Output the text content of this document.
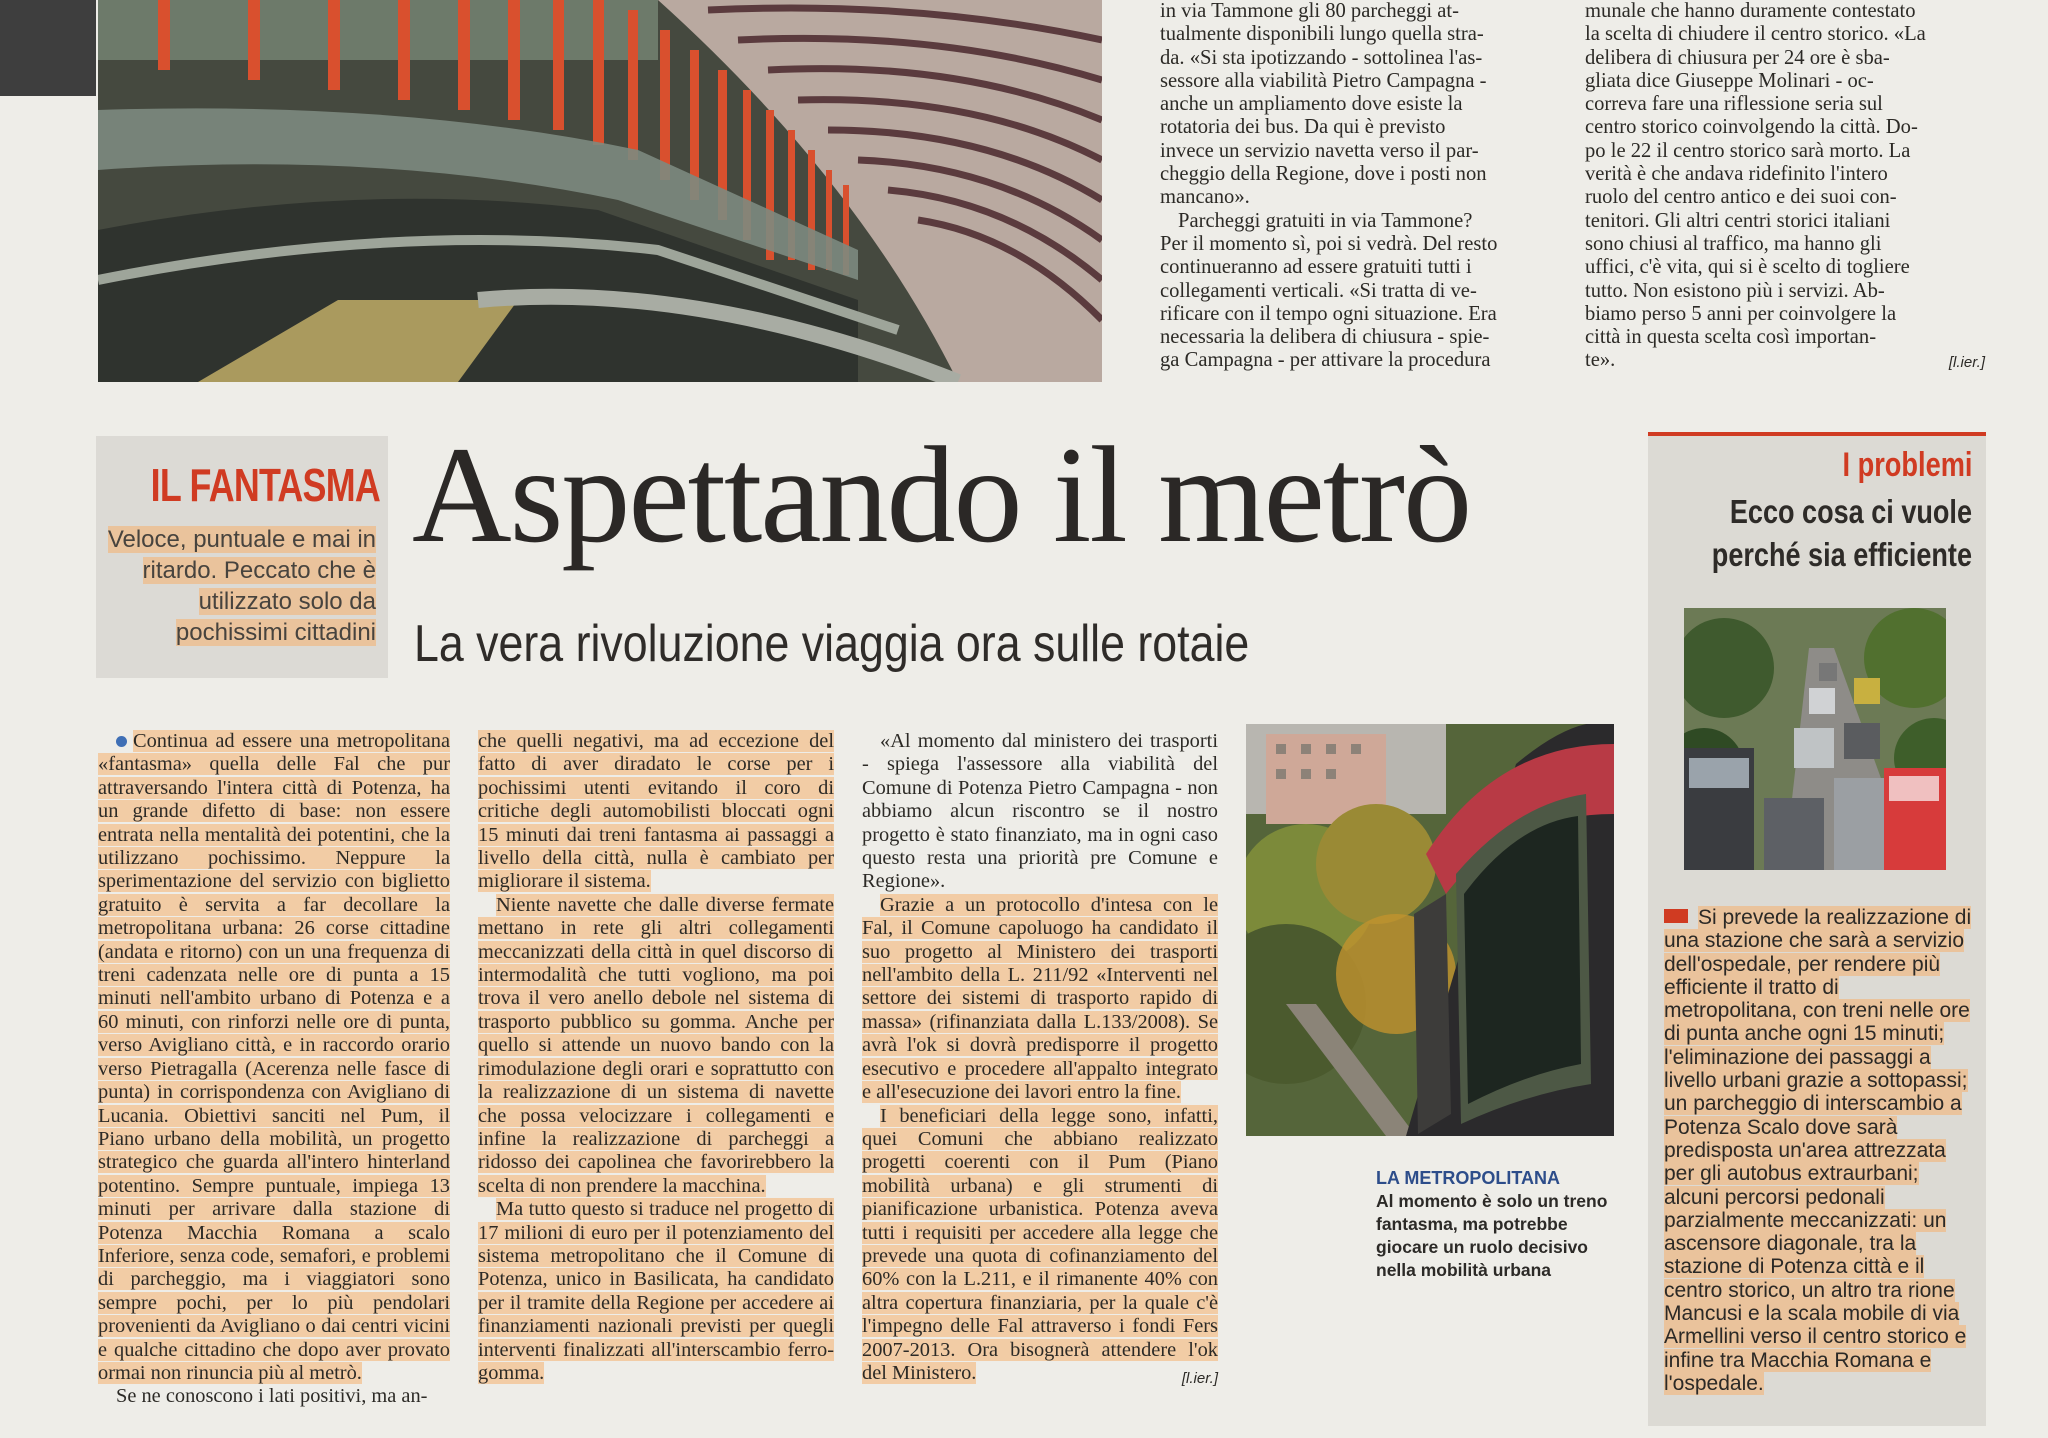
in via Tammone gli 80 parcheggi at-
tualmente disponibili lungo quella stra-
da. «Si sta ipotizzando - sottolinea l'as-
sessore alla viabilità Pietro Campagna -
anche un ampliamento dove esiste la
rotatoria dei bus. Da qui è previsto
invece un servizio navetta verso il par-
cheggio della Regione, dove i posti non
mancano».
Parcheggi gratuiti in via Tammone?
Per il momento sì, poi si vedrà. Del resto
continueranno ad essere gratuiti tutti i
collegamenti verticali. «Si tratta di ve-
rificare con il tempo ogni situazione. Era
necessaria la delibera di chiusura - spie-
ga Campagna - per attivare la procedura
munale che hanno duramente contestato
la scelta di chiudere il centro storico. «La
delibera di chiusura per 24 ore è sba-
gliata dice Giuseppe Molinari - oc-
correva fare una riflessione seria sul
centro storico coinvolgendo la città. Do-
po le 22 il centro storico sarà morto. La
verità è che andava ridefinito l'intero
ruolo del centro antico e dei suoi con-
tenitori. Gli altri centri storici italiani
sono chiusi al traffico, ma hanno gli
uffici, c'è vita, qui si è scelto di togliere
tutto. Non esistono più i servizi. Ab-
biamo perso 5 anni per coinvolgere la
città in questa scelta così importan-
te».	[l.ier.]
IL FANTASMA
Veloce, puntuale e mai in ritardo. Peccato che è utilizzato solo da pochissimi cittadini
Aspettando il metrò
La vera rivoluzione viaggia ora sulle rotaie

Continua ad essere una metropolitana «fantasma» quella delle Fal che pur attraversando l'intera città di Potenza, ha un grande difetto di base: non essere entrata nella mentalità dei potentini, che la utilizzano pochissimo. Neppure la sperimentazione del servizio con biglietto gratuito è servita a far decollare la metropolitana urbana: 26 corse cittadine (andata e ritorno) con un una frequenza di treni cadenzata nelle ore di punta a 15 minuti nell'ambito urbano di Potenza e a 60 minuti, con rinforzi nelle ore di punta, verso Avigliano città, e in raccordo orario verso Pietragalla (Acerenza nelle fasce di punta) in corrispondenza con Avigliano di Lucania. Obiettivi sanciti nel Pum, il Piano urbano della mobilità, un progetto strategico che guarda all'intero hinterland potentino. Sempre puntuale, impiega 13 minuti per arrivare dalla stazione di Potenza Macchia Romana a scalo Inferiore, senza code, semafori, e problemi di parcheggio, ma i viaggiatori sono sempre pochi, per lo più pendolari provenienti da Avigliano o dai centri vicini e qualche cittadino che dopo aver provato ormai non rinuncia più al metrò.

Se ne conoscono i lati positivi, ma an-

che quelli negativi, ma ad eccezione del fatto di aver diradato le corse per i pochissimi utenti evitando il coro di critiche degli automobilisti bloccati ogni 15 minuti dai treni fantasma ai passaggi a livello della città, nulla è cambiato per migliorare il sistema.

Niente navette che dalle diverse fermate mettano in rete gli altri collegamenti meccanizzati della città in quel discorso di intermodalità che tutti vogliono, ma poi trova il vero anello debole nel sistema di trasporto pubblico su gomma. Anche per quello si attende un nuovo bando con la rimodulazione degli orari e soprattutto con la realizzazione di un sistema di navette che possa velocizzare i collegamenti e infine la realizzazione di parcheggi a ridosso dei capolinea che favorirebbero la scelta di non prendere la macchina.

Ma tutto questo si traduce nel progetto di 17 milioni di euro per il potenziamento del sistema metropolitano che il Comune di Potenza, unico in Basilicata, ha candidato per il tramite della Regione per accedere ai finanziamenti nazionali previsti per quegli interventi finalizzati all'interscambio ferro-gomma.

«Al momento dal ministero dei trasporti - spiega l'assessore alla viabilità del Comune di Potenza Pietro Campagna - non abbiamo alcun riscontro se il nostro progetto è stato finanziato, ma in ogni caso questo resta una priorità pre Comune e Regione».

Grazie a un protocollo d'intesa con le Fal, il Comune capoluogo ha candidato il suo progetto al Ministero dei trasporti nell'ambito della L. 211/92 «Interventi nel settore dei sistemi di trasporto rapido di massa» (rifinanziata dalla L.133/2008). Se avrà l'ok si dovrà predisporre il progetto esecutivo e procedere all'appalto integrato e all'esecuzione dei lavori entro la fine.

I beneficiari della legge sono, infatti, quei Comuni che abbiano realizzato progetti coerenti con il Pum (Piano mobilità urbana) e gli strumenti di pianificazione urbanistica. Potenza aveva tutti i requisiti per accedere alla legge che prevede una quota di cofinanziamento del 60% con la L.211, e il rimanente 40% con altra copertura finanziaria, per la quale c'è l'impegno delle Fal attraverso i fondi Fers 2007-2013. Ora bisognerà attendere l'ok del Ministero.	[l.ier.]
LA METROPOLITANA
Al momento è solo un treno fantasma, ma potrebbe giocare un ruolo decisivo nella mobilità urbana
I problemi
Ecco cosa ci vuole perché sia efficiente
Si prevede la realizzazione di una stazione che sarà a servizio dell'ospedale, per rendere più efficiente il tratto di metropolitana, con treni nelle ore di punta anche ogni 15 minuti; l'eliminazione dei passaggi a livello urbani grazie a sottopassi; un parcheggio di interscambio a Potenza Scalo dove sarà predisposta un'area attrezzata per gli autobus extraurbani; alcuni percorsi pedonali parzialmente meccanizzati: un ascensore diagonale, tra la stazione di Potenza città e il centro storico, un altro tra rione Mancusi e la scala mobile di via Armellini verso il centro storico e infine tra Macchia Romana e l'ospedale.
